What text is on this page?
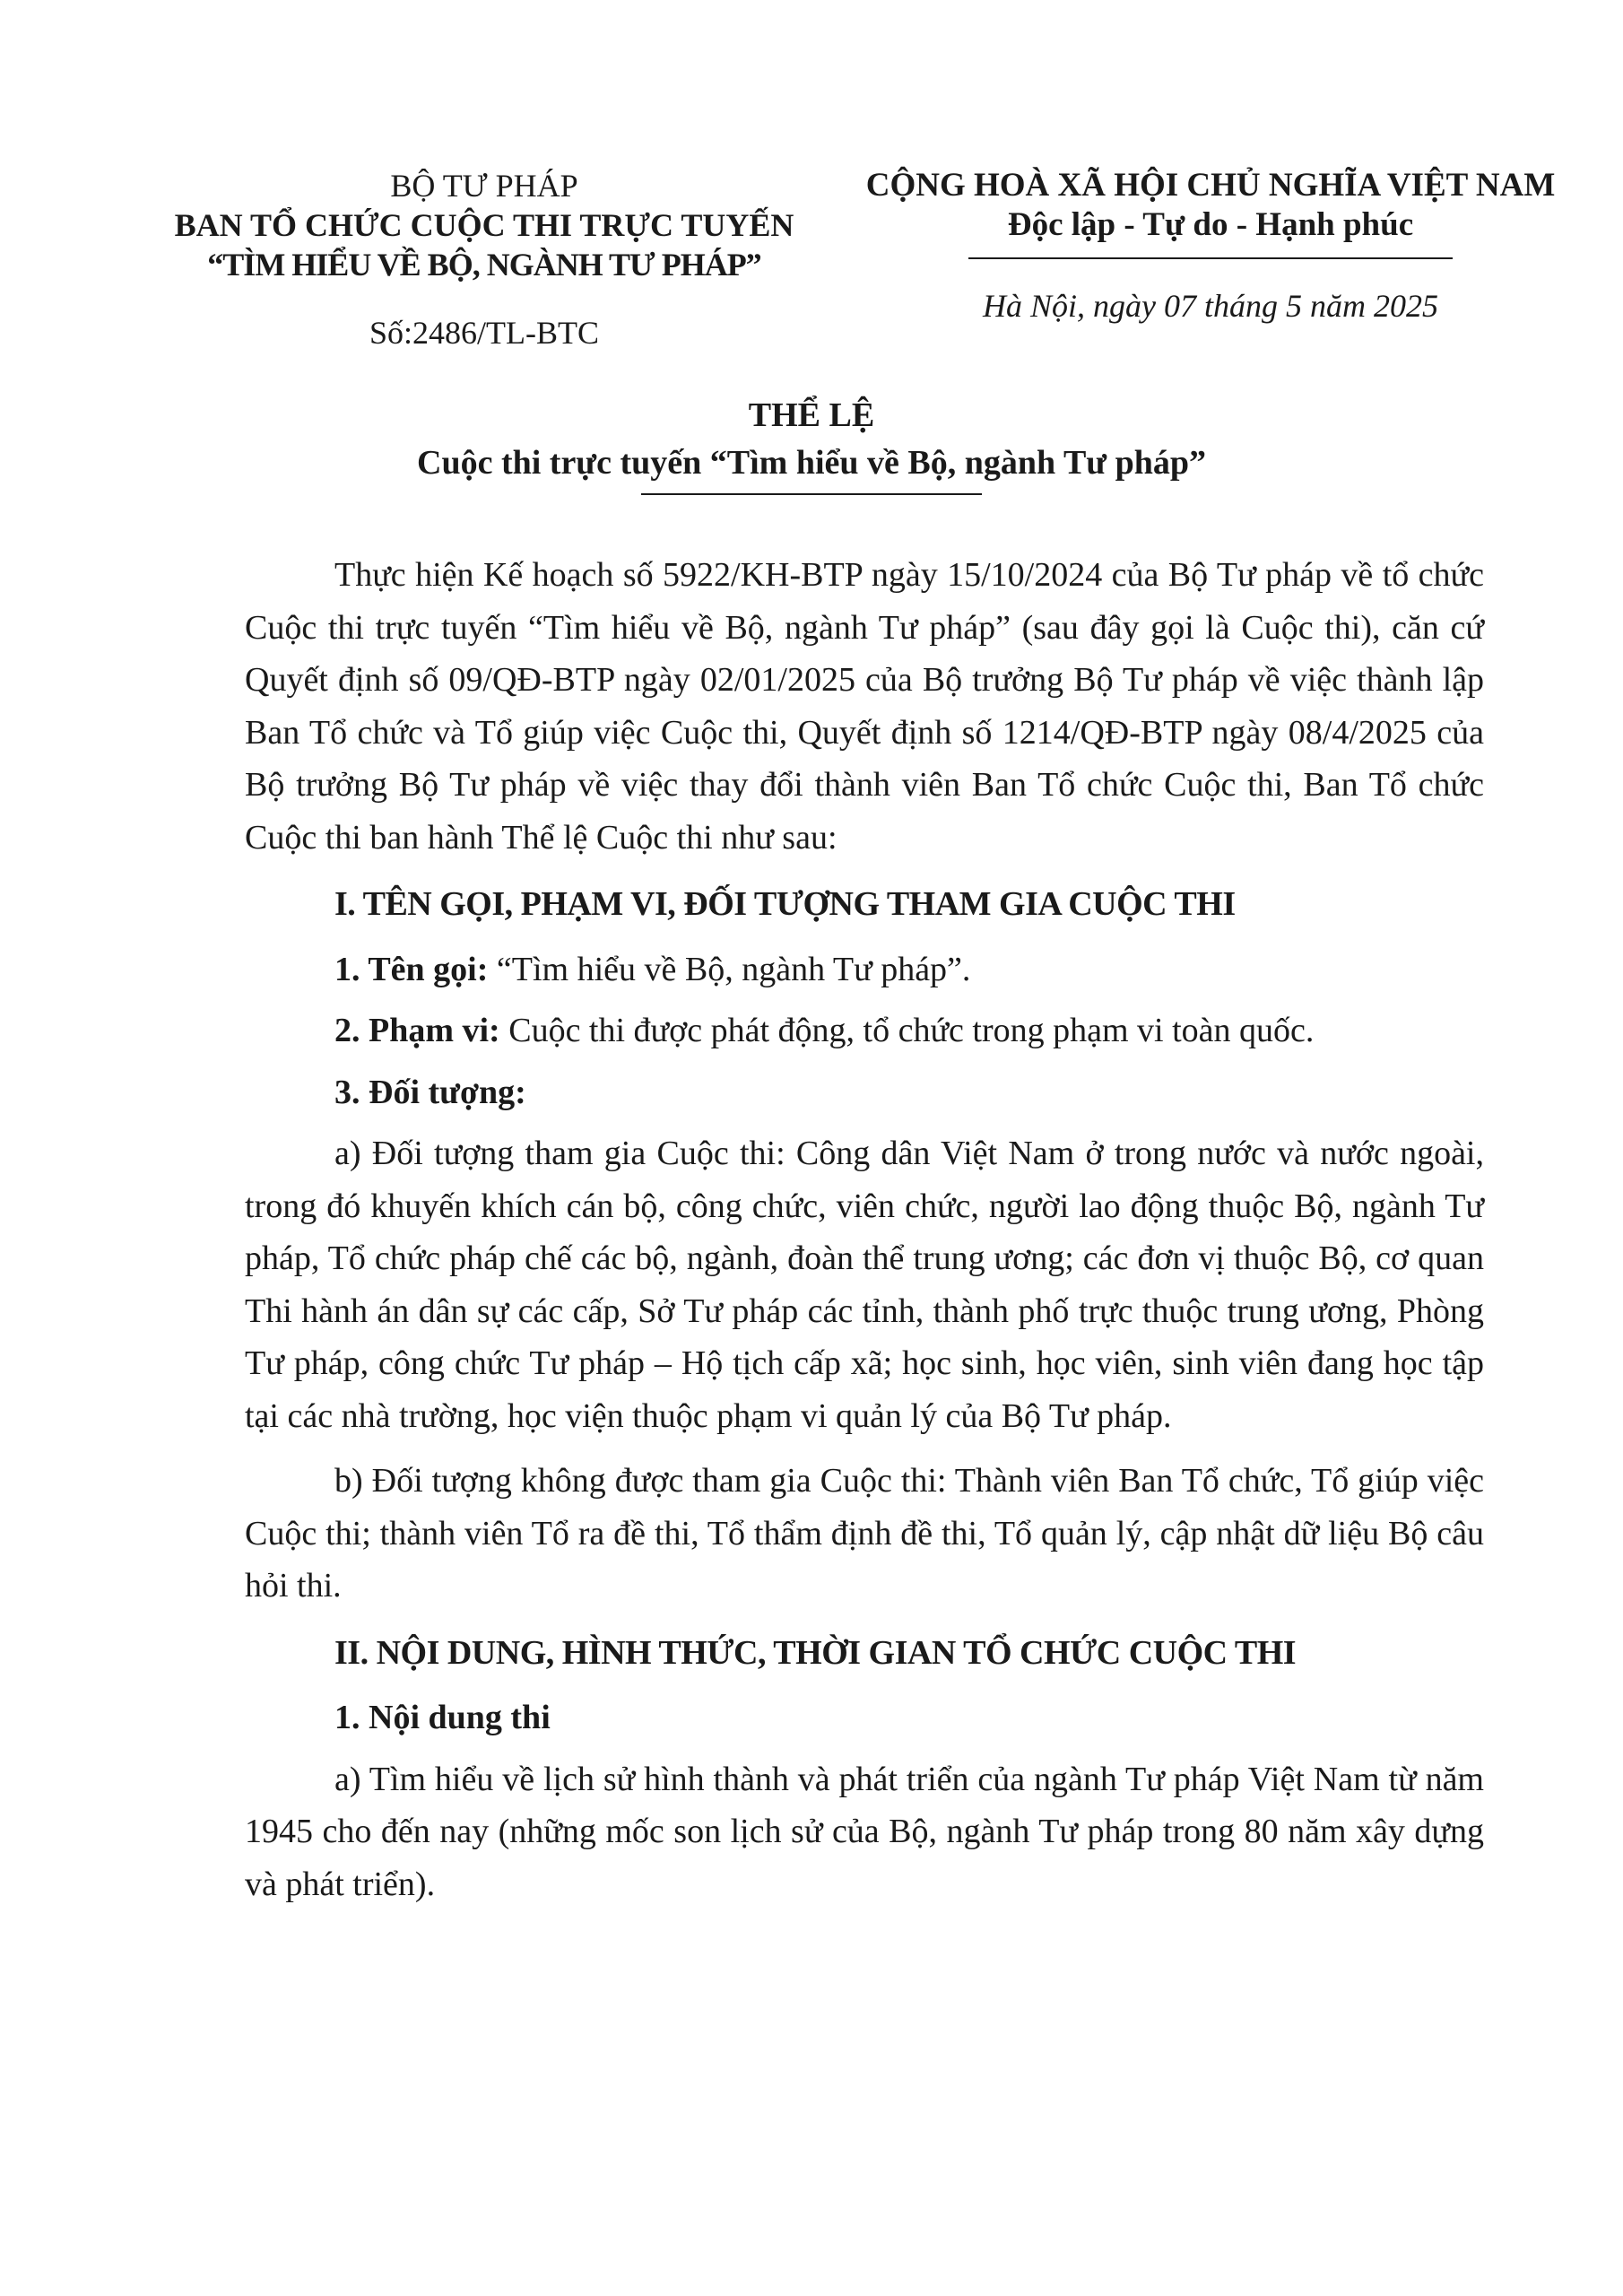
BỘ TƯ PHÁP
BAN TỔ CHỨC CUỘC THI TRỰC TUYẾN
“TÌM HIỂU VỀ BỘ, NGÀNH TƯ PHÁP”
Số:2486/TL-BTC
CỘNG HOÀ XÃ HỘI CHỦ NGHĨA VIỆT NAM
Độc lập - Tự do - Hạnh phúc
Hà Nội, ngày 07 tháng 5 năm 2025
THỂ LỆ
Cuộc thi trực tuyến “Tìm hiểu về Bộ, ngành Tư pháp”

Thực hiện Kế hoạch số 5922/KH-BTP ngày 15/10/2024 của Bộ Tư pháp về tổ chức Cuộc thi trực tuyến “Tìm hiểu về Bộ, ngành Tư pháp” (sau đây gọi là Cuộc thi), căn cứ Quyết định số 09/QĐ-BTP ngày 02/01/2025 của Bộ trưởng Bộ Tư pháp về việc thành lập Ban Tổ chức và Tổ giúp việc Cuộc thi, Quyết định số 1214/QĐ-BTP ngày 08/4/2025 của Bộ trưởng Bộ Tư pháp về việc thay đổi thành viên Ban Tổ chức Cuộc thi, Ban Tổ chức Cuộc thi ban hành Thể lệ Cuộc thi như sau:

I. TÊN GỌI, PHẠM VI, ĐỐI TƯỢNG THAM GIA CUỘC THI

1. Tên gọi: “Tìm hiểu về Bộ, ngành Tư pháp”.

2. Phạm vi: Cuộc thi được phát động, tổ chức trong phạm vi toàn quốc.

3. Đối tượng:

a) Đối tượng tham gia Cuộc thi: Công dân Việt Nam ở trong nước và nước ngoài, trong đó khuyến khích cán bộ, công chức, viên chức, người lao động thuộc Bộ, ngành Tư pháp, Tổ chức pháp chế các bộ, ngành, đoàn thể trung ương; các đơn vị thuộc Bộ, cơ quan Thi hành án dân sự các cấp, Sở Tư pháp các tỉnh, thành phố trực thuộc trung ương, Phòng Tư pháp, công chức Tư pháp – Hộ tịch cấp xã; học sinh, học viên, sinh viên đang học tập tại các nhà trường, học viện thuộc phạm vi quản lý của Bộ Tư pháp.

b) Đối tượng không được tham gia Cuộc thi: Thành viên Ban Tổ chức, Tổ giúp việc Cuộc thi; thành viên Tổ ra đề thi, Tổ thẩm định đề thi, Tổ quản lý, cập nhật dữ liệu Bộ câu hỏi thi.

II. NỘI DUNG, HÌNH THỨC, THỜI GIAN TỔ CHỨC CUỘC THI

1. Nội dung thi

a) Tìm hiểu về lịch sử hình thành và phát triển của ngành Tư pháp Việt Nam từ năm 1945 cho đến nay (những mốc son lịch sử của Bộ, ngành Tư pháp trong 80 năm xây dựng và phát triển).
